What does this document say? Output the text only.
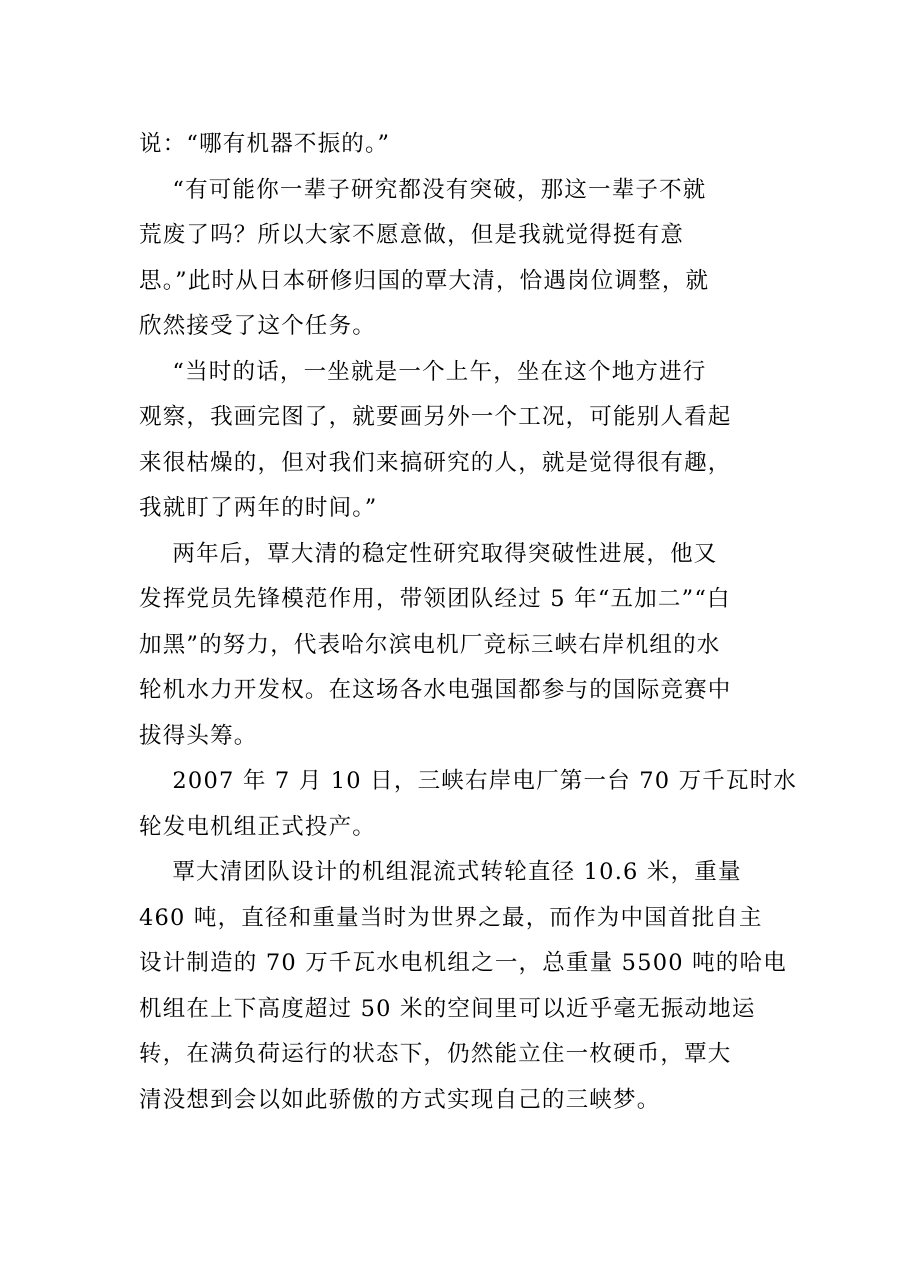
说：“哪有机器不振的。”
“有可能你一辈子研究都没有突破，那这一辈子不就
荒废了吗？所以大家不愿意做，但是我就觉得挺有意
思。”此时从日本研修归国的覃大清，恰遇岗位调整，就
欣然接受了这个任务。
“当时的话，一坐就是一个上午，坐在这个地方进行
观察，我画完图了，就要画另外一个工况，可能别人看起
来很枯燥的，但对我们来搞研究的人，就是觉得很有趣，
我就盯了两年的时间。”
两年后，覃大清的稳定性研究取得突破性进展，他又
发挥党员先锋模范作用，带领团队经过 5 年“五加二”“白
加黑”的努力，代表哈尔滨电机厂竞标三峡右岸机组的水
轮机水力开发权。在这场各水电强国都参与的国际竞赛中
拔得头筹。
2007 年 7 月 10 日，三峡右岸电厂第一台 70 万千瓦时水
轮发电机组正式投产。
覃大清团队设计的机组混流式转轮直径 10.6 米，重量
460 吨，直径和重量当时为世界之最，而作为中国首批自主
设计制造的 70 万千瓦水电机组之一，总重量 5500 吨的哈电
机组在上下高度超过 50 米的空间里可以近乎毫无振动地运
转，在满负荷运行的状态下，仍然能立住一枚硬币，覃大
清没想到会以如此骄傲的方式实现自己的三峡梦。
